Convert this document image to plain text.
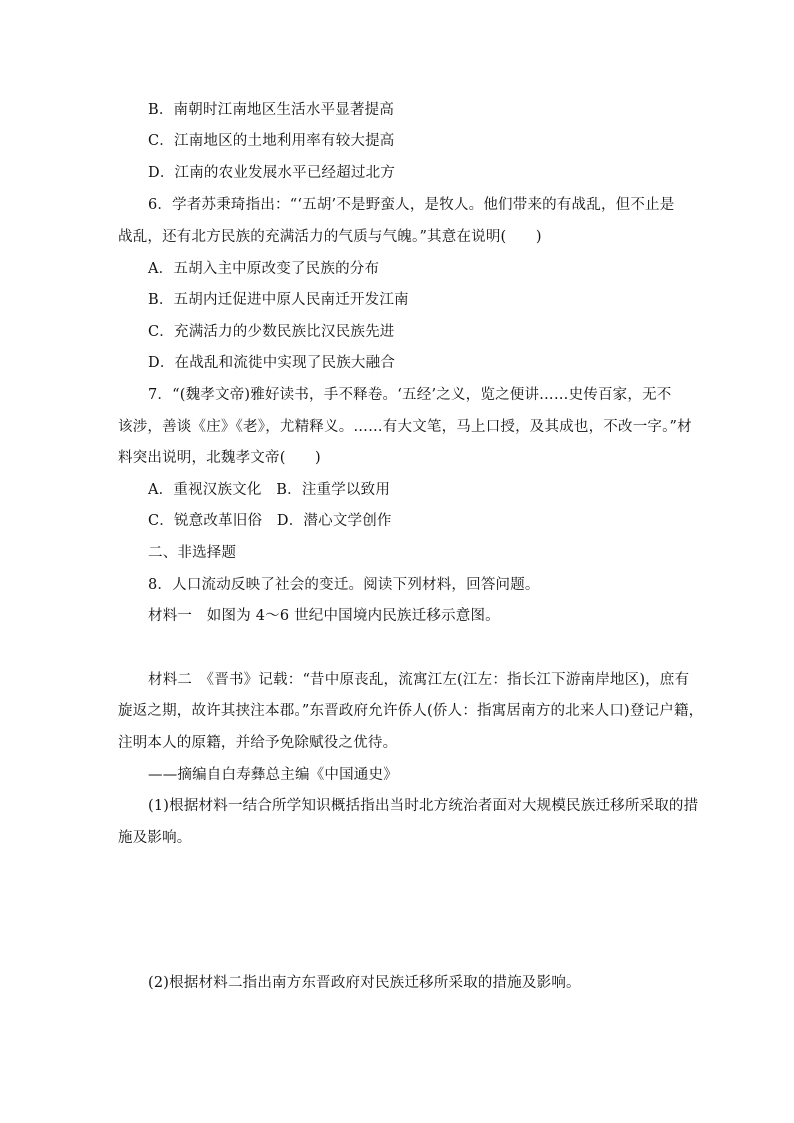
B．南朝时江南地区生活水平显著提高
C．江南地区的土地利用率有较大提高
D．江南的农业发展水平已经超过北方
6．学者苏秉琦指出：“‘五胡’不是野蛮人，是牧人。他们带来的有战乱，但不止是
战乱，还有北方民族的充满活力的气质与气魄。”其意在说明(　　)
A．五胡入主中原改变了民族的分布
B．五胡内迁促进中原人民南迁开发江南
C．充满活力的少数民族比汉民族先进
D．在战乱和流徙中实现了民族大融合
7．“(魏孝文帝)雅好读书，手不释卷。‘五经’之义，览之便讲……史传百家，无不
该涉，善谈《庄》《老》，尤精释义。……有大文笔，马上口授，及其成也，不改一字。”材
料突出说明，北魏孝文帝(　　)
A．重视汉族文化　B．注重学以致用
C．锐意改革旧俗　D．潜心文学创作
二、非选择题
8．人口流动反映了社会的变迁。阅读下列材料，回答问题。
材料一　如图为 4～6 世纪中国境内民族迁移示意图。
材料二　《晋书》记载：“昔中原丧乱，流寓江左(江左：指长江下游南岸地区)，庶有
旋返之期，故许其挟注本郡。”东晋政府允许侨人(侨人：指寓居南方的北来人口)登记户籍，
注明本人的原籍，并给予免除赋役之优待。
——摘编自白寿彝总主编《中国通史》
(1)根据材料一结合所学知识概括指出当时北方统治者面对大规模民族迁移所采取的措
施及影响。
(2)根据材料二指出南方东晋政府对民族迁移所采取的措施及影响。
